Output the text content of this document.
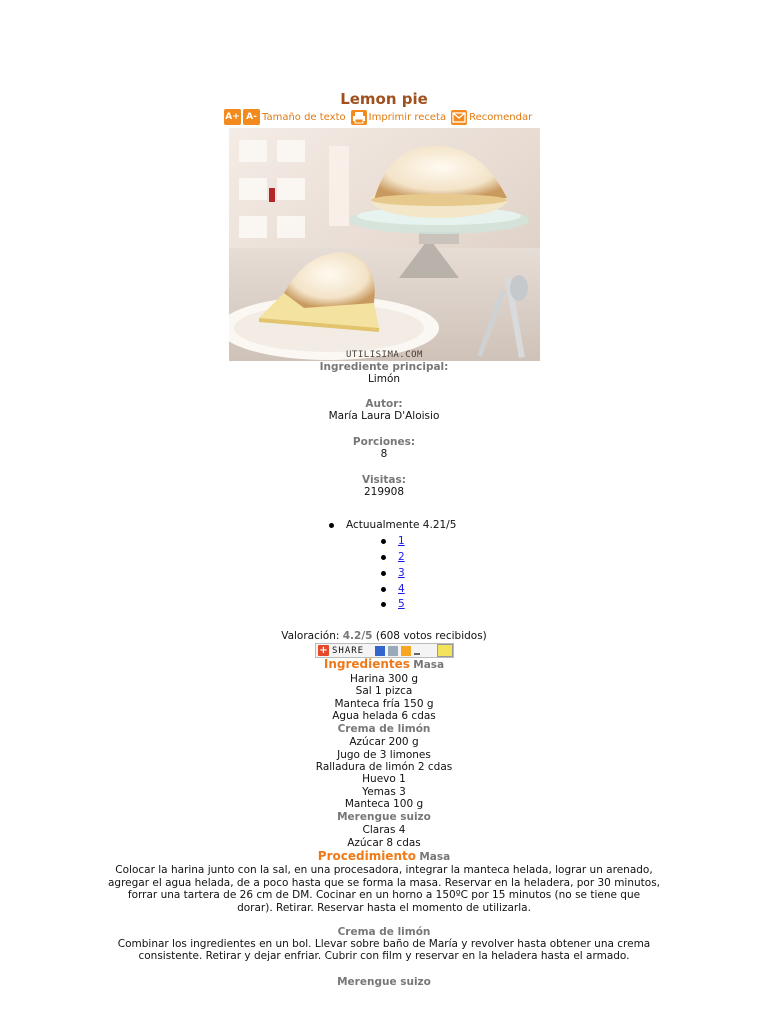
Lemon pie
A+ A- Tamaño de texto Imprimir receta Recomendar
UTILISIMA.COM
Ingrediente principal:
Limón
Autor:
María Laura D'Aloisio
Porciones:
8
Visitas:
219908
Actuualmente 4.21/5
1
2
3
4
5
Valoración: 4.2/5 (608 votos recibidos)
+ SHARE
Ingredientes Masa
Harina 300 g
Sal 1 pizca
Manteca fría 150 g
Agua helada 6 cdas
Crema de limón
Azúcar 200 g
Jugo de 3 limones
Ralladura de limón 2 cdas
Huevo 1
Yemas 3
Manteca 100 g
Merengue suizo
Claras 4
Azúcar 8 cdas
Procedimiento Masa
Colocar la harina junto con la sal, en una procesadora, integrar la manteca helada, lograr un arenado,
agregar el agua helada, de a poco hasta que se forma la masa. Reservar en la heladera, por 30 minutos,
forrar una tartera de 26 cm de DM. Cocinar en un horno a 150ºC por 15 minutos (no se tiene que
dorar). Retirar. Reservar hasta el momento de utilizarla.
Crema de limón
Combinar los ingredientes en un bol. Llevar sobre baño de María y revolver hasta obtener una crema
consistente. Retirar y dejar enfriar. Cubrir con film y reservar en la heladera hasta el armado.
Merengue suizo
